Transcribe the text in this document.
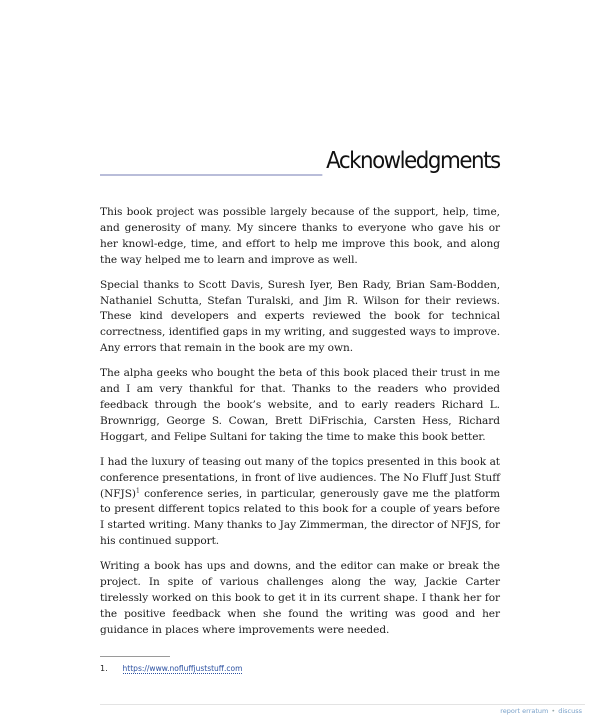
Acknowledgments

This book project was possible largely because of the support, help, time, and generosity of many. My sincere thanks to everyone who gave his or her knowl-edge, time, and effort to help me improve this book, and along the way helped me to learn and improve as well.

Special thanks to Scott Davis, Suresh Iyer, Ben Rady, Brian Sam-Bodden, Nathaniel Schutta, Stefan Turalski, and Jim R. Wilson for their reviews. These kind developers and experts reviewed the book for technical correctness, identified gaps in my writing, and suggested ways to improve. Any errors that remain in the book are my own.

The alpha geeks who bought the beta of this book placed their trust in me and I am very thankful for that. Thanks to the readers who provided feedback through the book’s website, and to early readers Richard L. Brownrigg, George S. Cowan, Brett DiFrischia, Carsten Hess, Richard Hoggart, and Felipe Sultani for taking the time to make this book better.

I had the luxury of teasing out many of the topics presented in this book at conference presentations, in front of live audiences. The No Fluff Just Stuff (NFJS)$^1$ conference series, in particular, generously gave me the platform to present different topics related to this book for a couple of years before I started writing. Many thanks to Jay Zimmerman, the director of NFJS, for his continued support.

Writing a book has ups and downs, and the editor can make or break the project. In spite of various challenges along the way, Jackie Carter tirelessly worked on this book to get it in its current shape. I thank her for the positive feedback when she found the writing was good and her guidance in places where improvements were needed.

1. https://www.nofluffjuststuff.com
report erratum • discuss
